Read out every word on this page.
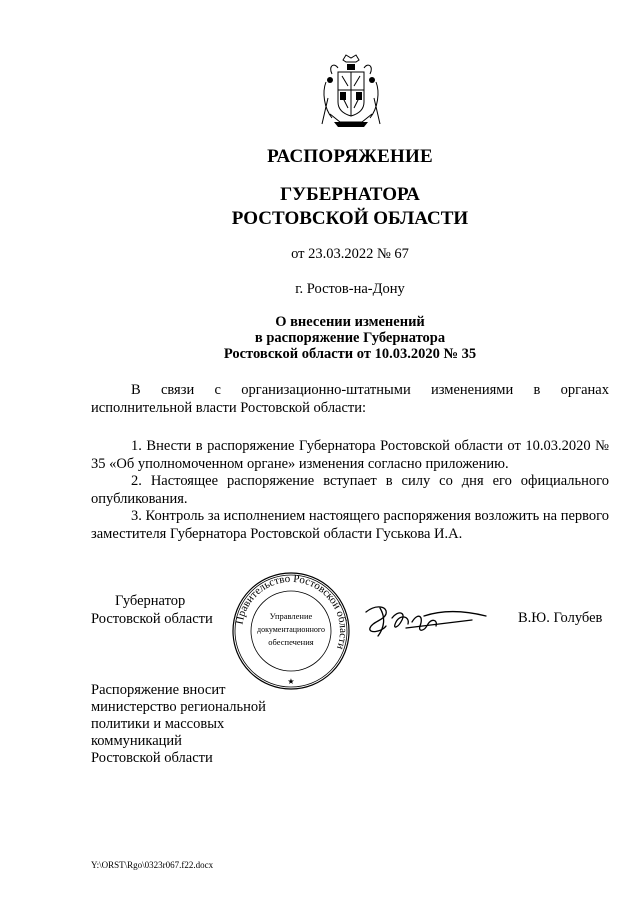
РАСПОРЯЖЕНИЕ
ГУБЕРНАТОРА
РОСТОВСКОЙ ОБЛАСТИ
от 23.03.2022 № 67
г. Ростов-на-Дону
О внесении изменений
в распоряжение Губернатора
Ростовской области от 10.03.2020 № 35

В связи с организационно-штатными изменениями в органах исполнительной власти Ростовской области:

1. Внести в распоряжение Губернатора Ростовской области от 10.03.2020 № 35 «Об уполномоченном органе» изменения согласно приложению.

2. Настоящее распоряжение вступает в силу со дня его официального опубликования.

3. Контроль за исполнением настоящего распоряжения возложить на первого заместителя Губернатора Ростовской области Гуськова И.А.

Губернатор
Ростовской области Правительство Ростовской области
Управление
документационного
обеспечения
★
В.Ю. Голубев
Распоряжение вносит
министерство региональной
политики и массовых
коммуникаций
Ростовской области
Y:\ORST\Rgo\0323r067.f22.docx
